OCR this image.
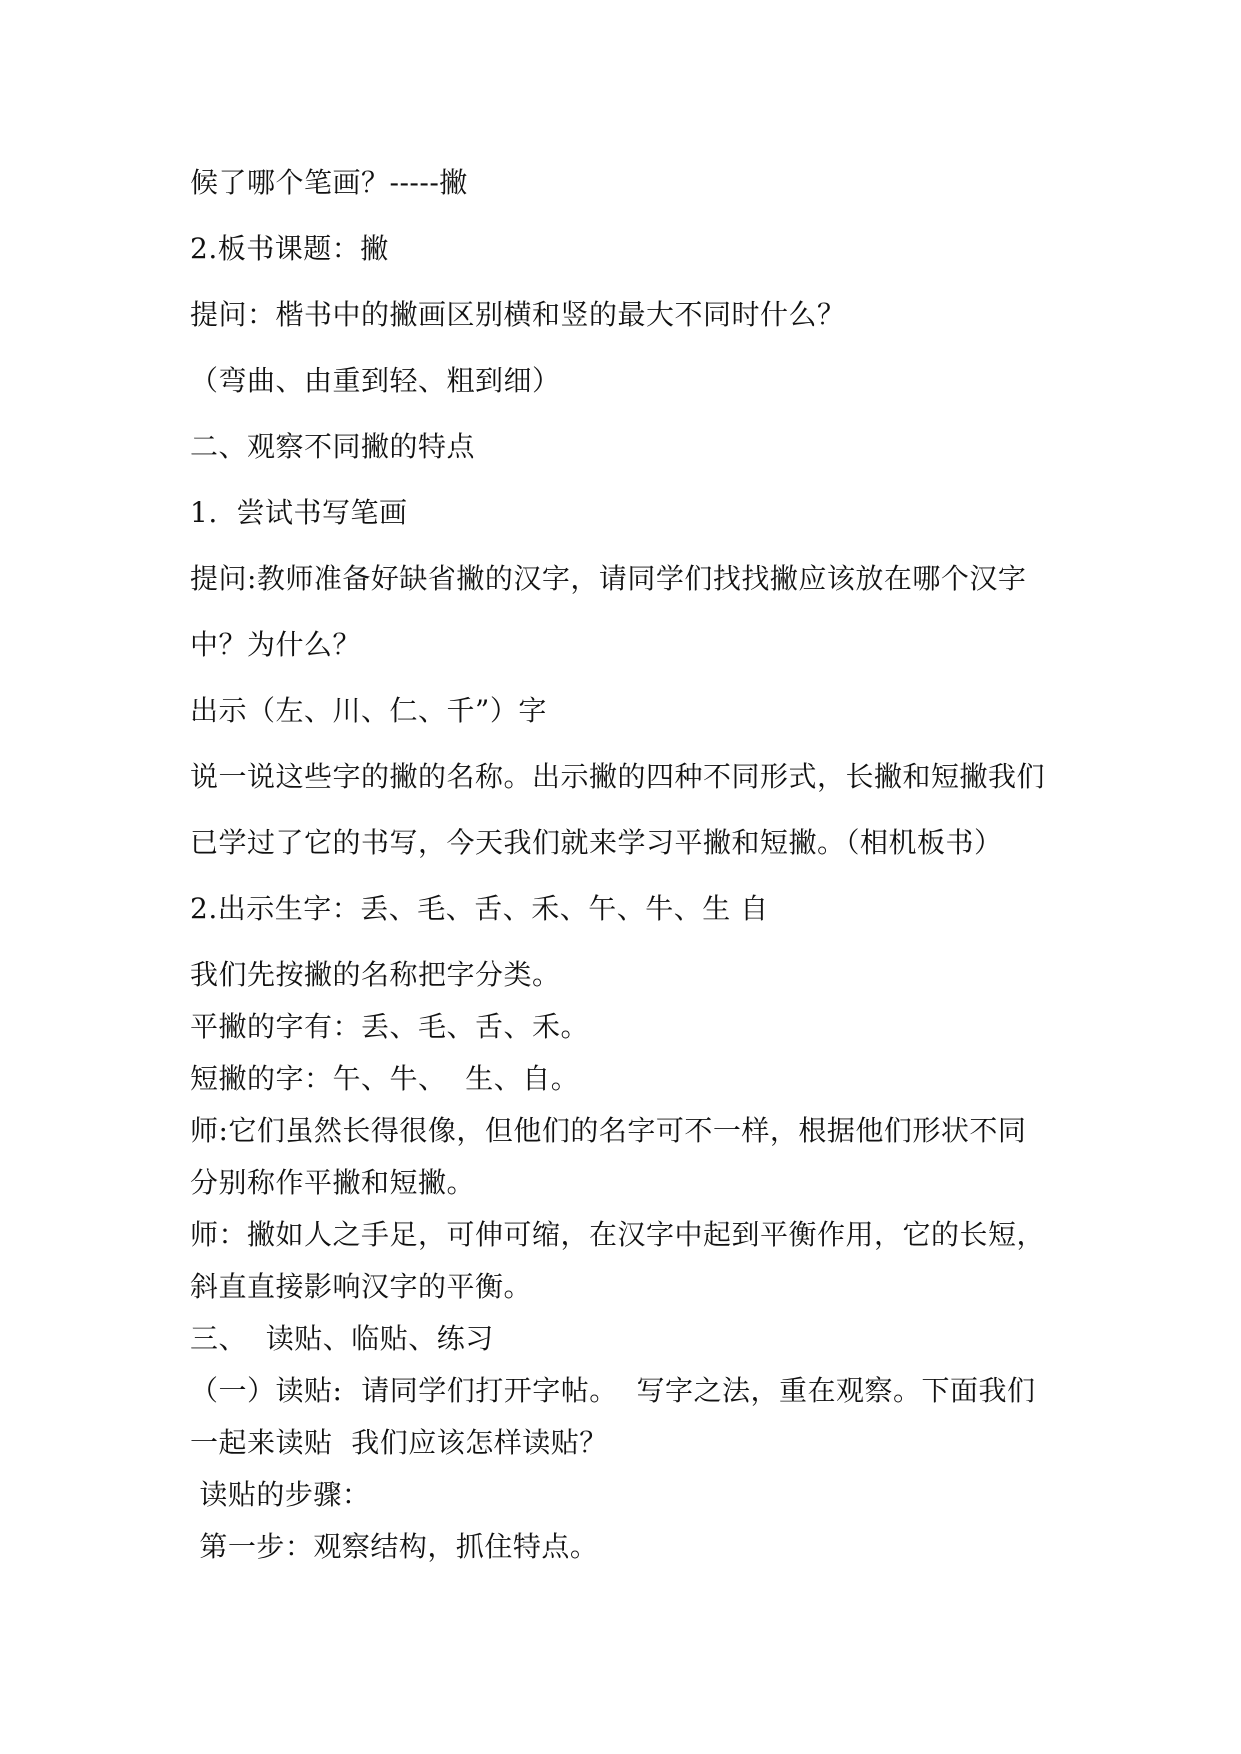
候了哪个笔画？-----撇
2.板书课题：撇
提问：楷书中的撇画区别横和竖的最大不同时什么？
（弯曲、由重到轻、粗到细）
二、观察不同撇的特点
1.  尝试书写笔画
提问:教师准备好缺省撇的汉字，请同学们找找撇应该放在哪个汉字
中？为什么？
出示（左、川、仁、千”）字
说一说这些字的撇的名称。出示撇的四种不同形式，长撇和短撇我们
已学过了它的书写，今天我们就来学习平撇和短撇。（相机板书）
2.出示生字：丢、毛、舌、禾、午、牛、生 自
我们先按撇的名称把字分类。
平撇的字有：丢、毛、舌、禾。
短撇的字：午、牛、  生、自。
师:它们虽然长得很像，但他们的名字可不一样，根据他们形状不同
分别称作平撇和短撇。
师：撇如人之手足，可伸可缩，在汉字中起到平衡作用，它的长短，
斜直直接影响汉字的平衡。
三、  读贴、临贴、练习
（一）读贴:  请同学们打开字帖。  写字之法，重在观察。下面我们
一起来读贴  我们应该怎样读贴？
读贴的步骤：
第一步：观察结构，抓住特点。
